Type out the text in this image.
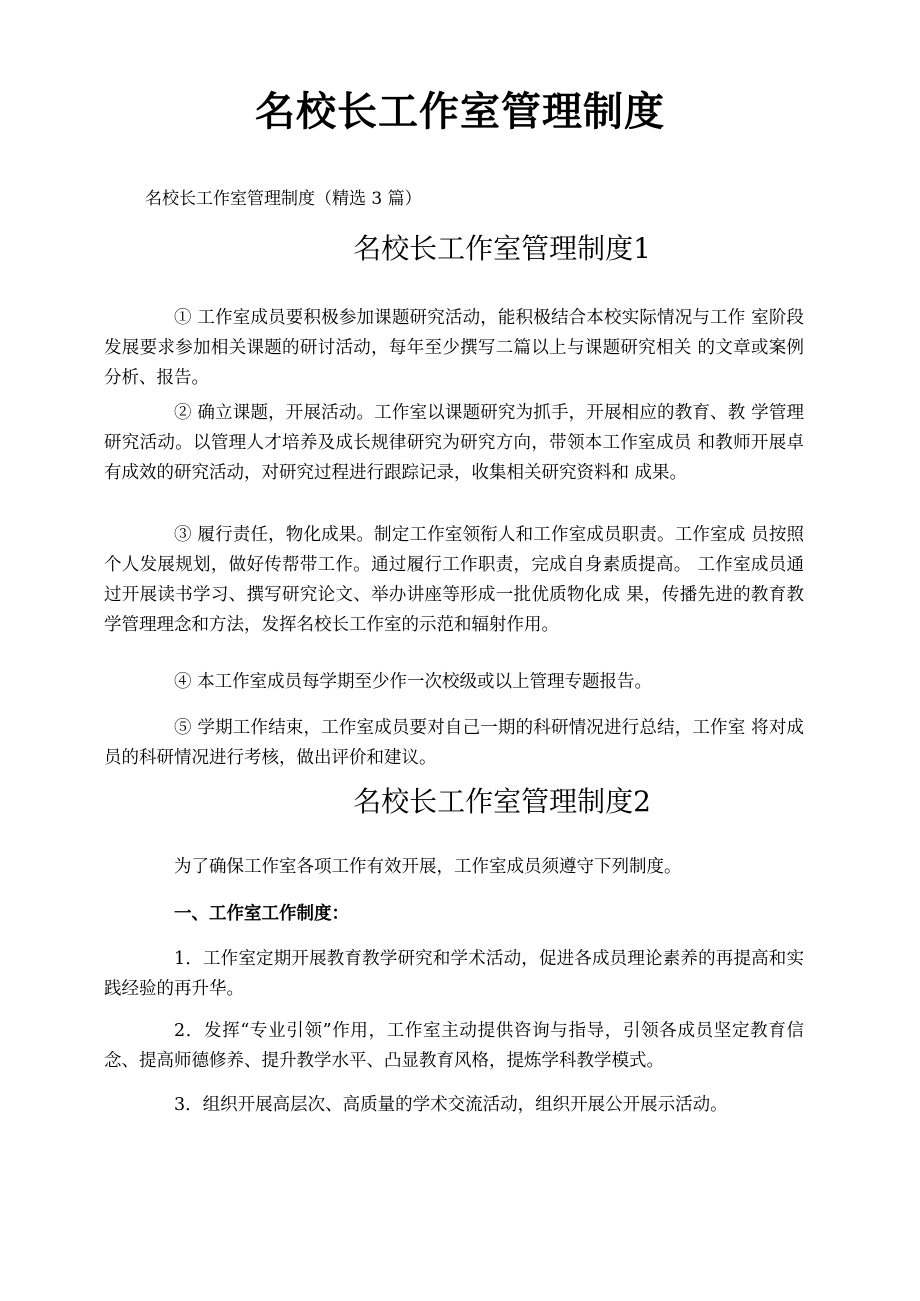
名校长工作室管理制度
名校长工作室管理制度（精选 3 篇）
名校长工作室管理制度1
① 工作室成员要积极参加课题研究活动，能积极结合本校实际情况与工作 室阶段发展要求参加相关课题的研讨活动，每年至少撰写二篇以上与课题研究相关 的文章或案例分析、报告。
② 确立课题，开展活动。工作室以课题研究为抓手，开展相应的教育、教 学管理研究活动。以管理人才培养及成长规律研究为研究方向，带领本工作室成员 和教师开展卓有成效的研究活动，对研究过程进行跟踪记录，收集相关研究资料和 成果。
③ 履行责任，物化成果。制定工作室领衔人和工作室成员职责。工作室成 员按照个人发展规划，做好传帮带工作。通过履行工作职责，完成自身素质提高。 工作室成员通过开展读书学习、撰写研究论文、举办讲座等形成一批优质物化成 果，传播先进的教育教学管理理念和方法，发挥名校长工作室的示范和辐射作用。
④ 本工作室成员每学期至少作一次校级或以上管理专题报告。
⑤ 学期工作结束，工作室成员要对自己一期的科研情况进行总结，工作室 将对成员的科研情况进行考核，做出评价和建议。
名校长工作室管理制度2
为了确保工作室各项工作有效开展，工作室成员须遵守下列制度。
一、工作室工作制度：
1．工作室定期开展教育教学研究和学术活动，促进各成员理论素养的再提高和实践经验的再升华。
2．发挥“专业引领”作用，工作室主动提供咨询与指导，引领各成员坚定教育信念、提高师德修养、提升教学水平、凸显教育风格，提炼学科教学模式。
3．组织开展高层次、高质量的学术交流活动，组织开展公开展示活动。
